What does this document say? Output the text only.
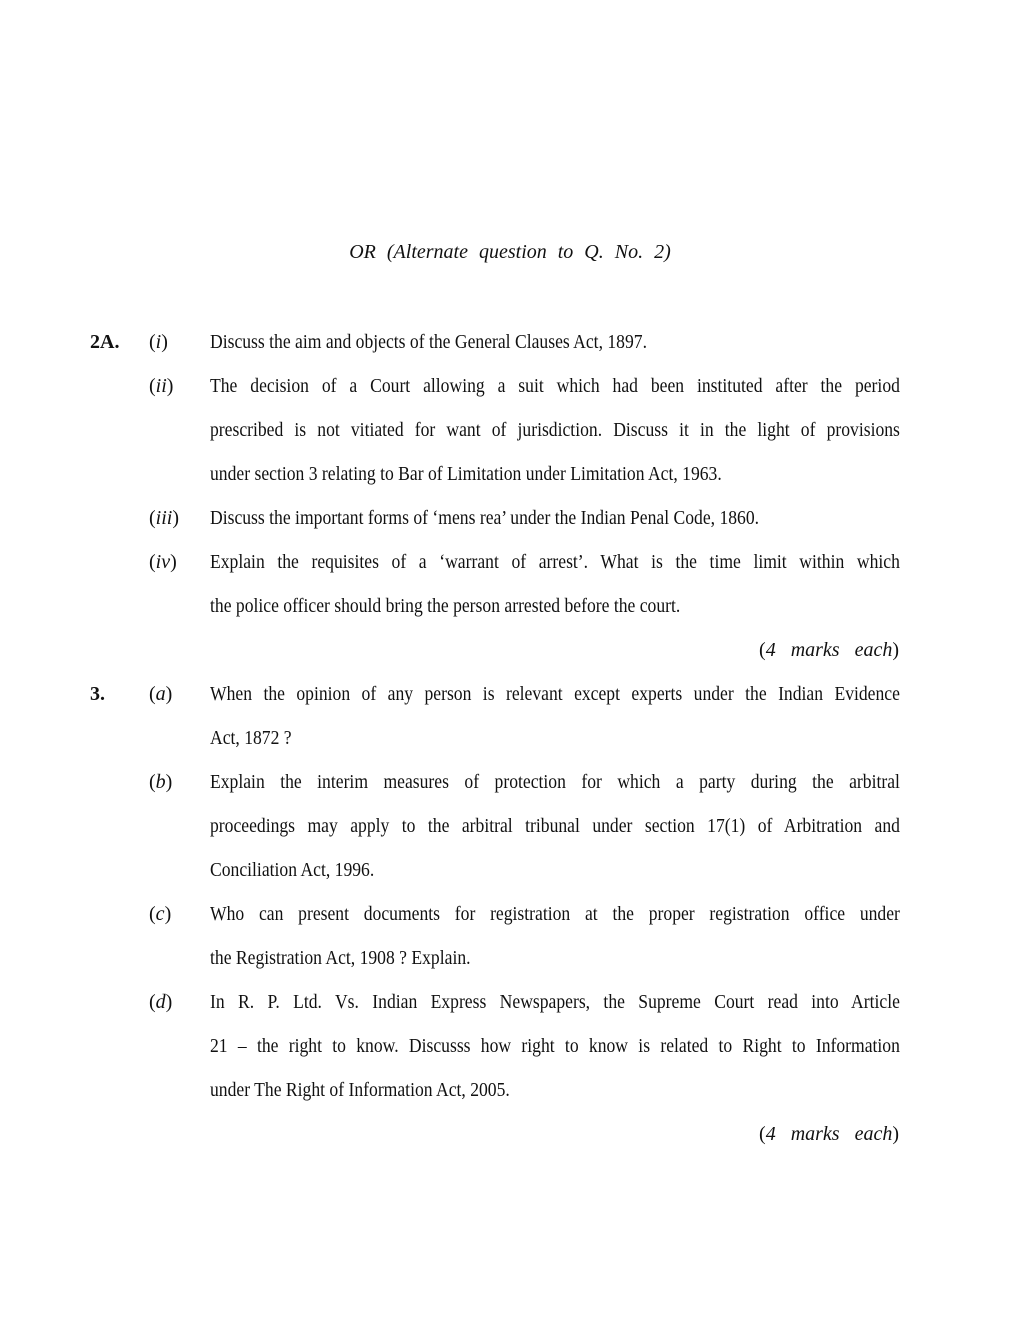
OR (Alternate question to Q. No. 2)
2A. (i) Discuss the aim and objects of the General Clauses Act, 1897.
(ii) The decision of a Court allowing a suit which had been instituted after the period
prescribed is not vitiated for want of jurisdiction. Discuss it in the light of provisions
under section 3 relating to Bar of Limitation under Limitation Act, 1963.
(iii) Discuss the important forms of ‘mens rea’ under the Indian Penal Code, 1860.
(iv) Explain the requisites of a ‘warrant of arrest’. What is the time limit within which
the police officer should bring the person arrested before the court.
(4 marks each)
3. (a) When the opinion of any person is relevant except experts under the Indian Evidence
Act, 1872 ?
(b) Explain the interim measures of protection for which a party during the arbitral
proceedings may apply to the arbitral tribunal under section 17(1) of Arbitration and
Conciliation Act, 1996.
(c) Who can present documents for registration at the proper registration office under
the Registration Act, 1908 ? Explain.
(d) In R. P. Ltd. Vs. Indian Express Newspapers, the Supreme Court read into Article
21 – the right to know. Discusss how right to know is related to Right to Information
under The Right of Information Act, 2005.
(4 marks each)
